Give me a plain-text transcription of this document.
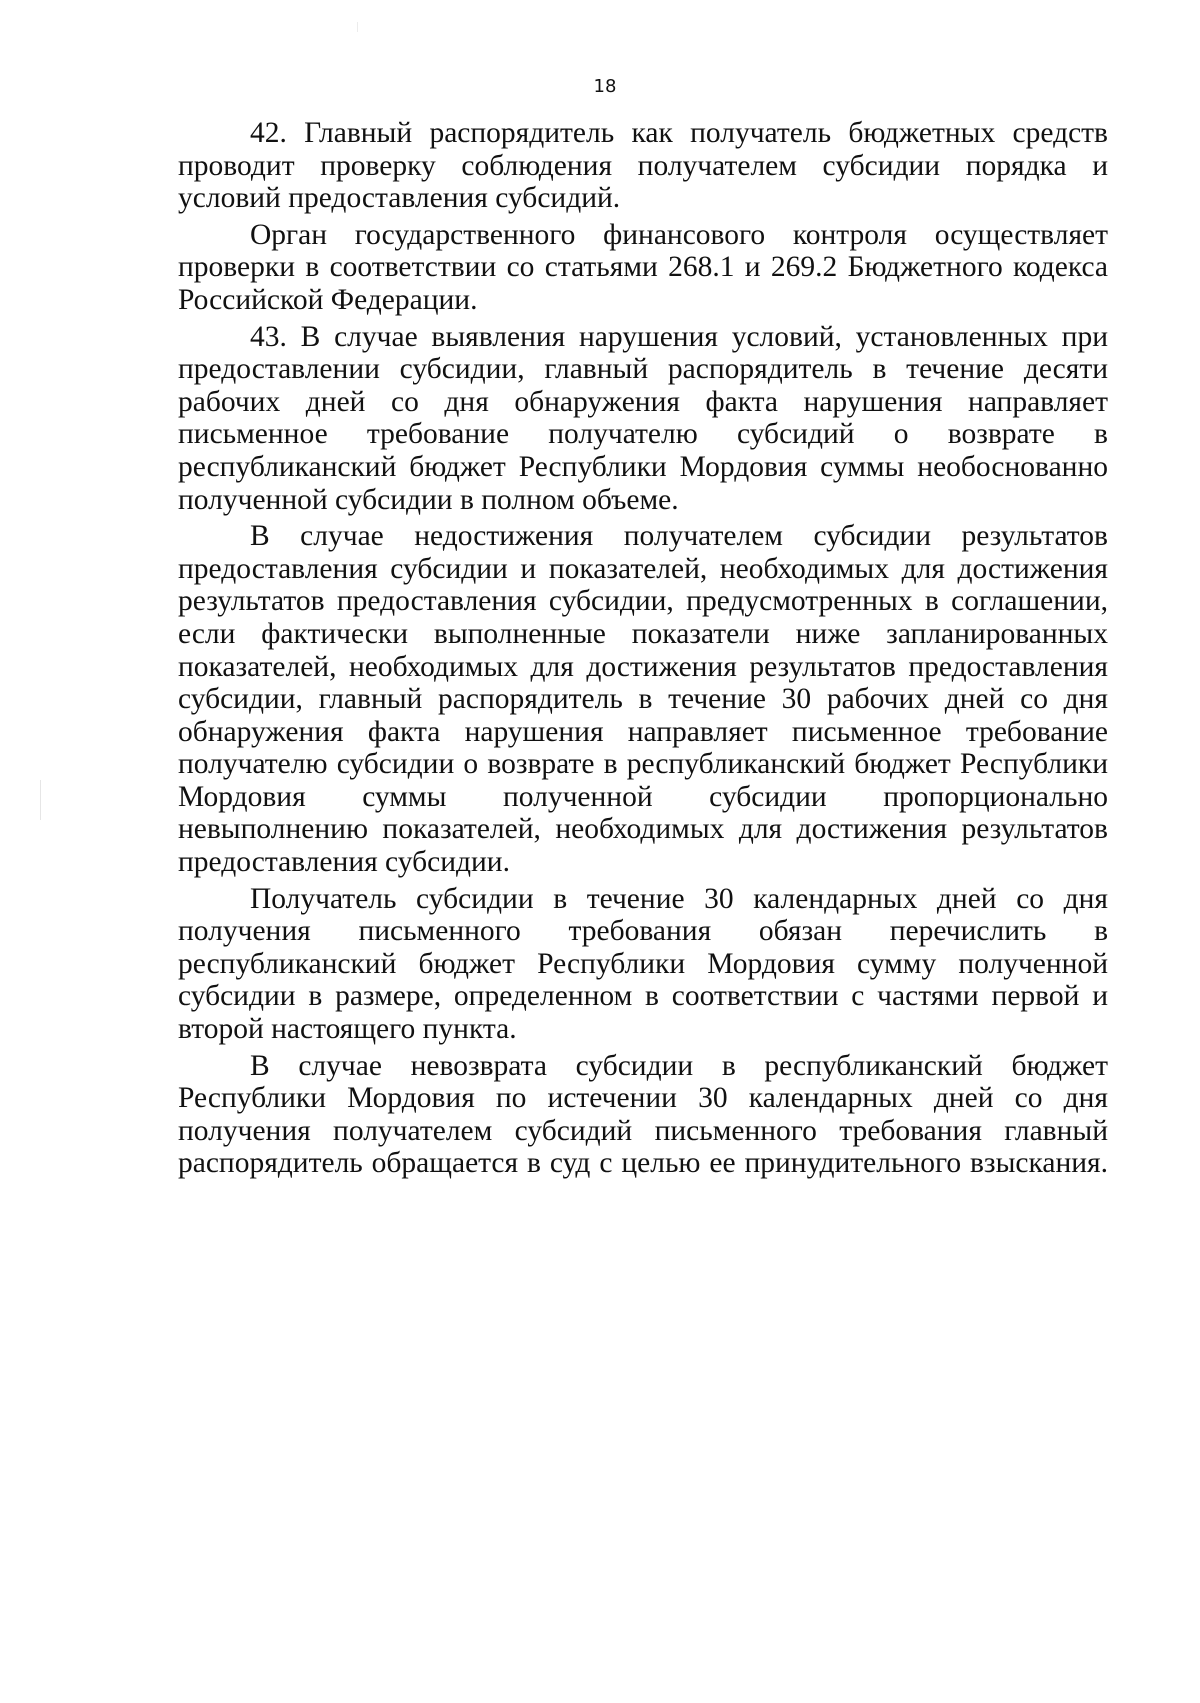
18

42. Главный распорядитель как получатель бюджетных средств проводит проверку соблюдения получателем субсидии порядка и условий предоставления субсидий.

Орган государственного финансового контроля осуществляет проверки в соответствии со статьями 268.1 и 269.2 Бюджетного кодекса Российской Федерации.

43. В случае выявления нарушения условий, установленных при предоставлении субсидии, главный распорядитель в течение десяти рабочих дней со дня обнаружения факта нарушения направляет письменное требование получателю субсидий о возврате в республиканский бюджет Республики Мордовия суммы необоснованно полученной субсидии в полном объеме.

В случае недостижения получателем субсидии результатов предоставления субсидии и показателей, необходимых для достижения результатов предоставления субсидии, предусмотренных в соглашении, если фактически выполненные показатели ниже запланированных показателей, необходимых для достижения результатов предоставления субсидии, главный распорядитель в течение 30 рабочих дней со дня обнаружения факта нарушения направляет письменное требование получателю субсидии о возврате в республиканский бюджет Республики Мордовия суммы полученной субсидии пропорционально невыполнению показателей, необходимых для достижения результатов предоставления субсидии.

Получатель субсидии в течение 30 календарных дней со дня получения письменного требования обязан перечислить в республиканский бюджет Республики Мордовия сумму полученной субсидии в размере, определенном в соответствии с частями первой и второй настоящего пункта.

В случае невозврата субсидии в республиканский бюджет Республики Мордовия по истечении 30 календарных дней со дня получения получателем субсидий письменного требования главный распорядитель обращается в суд с целью ее принудительного взыскания.
